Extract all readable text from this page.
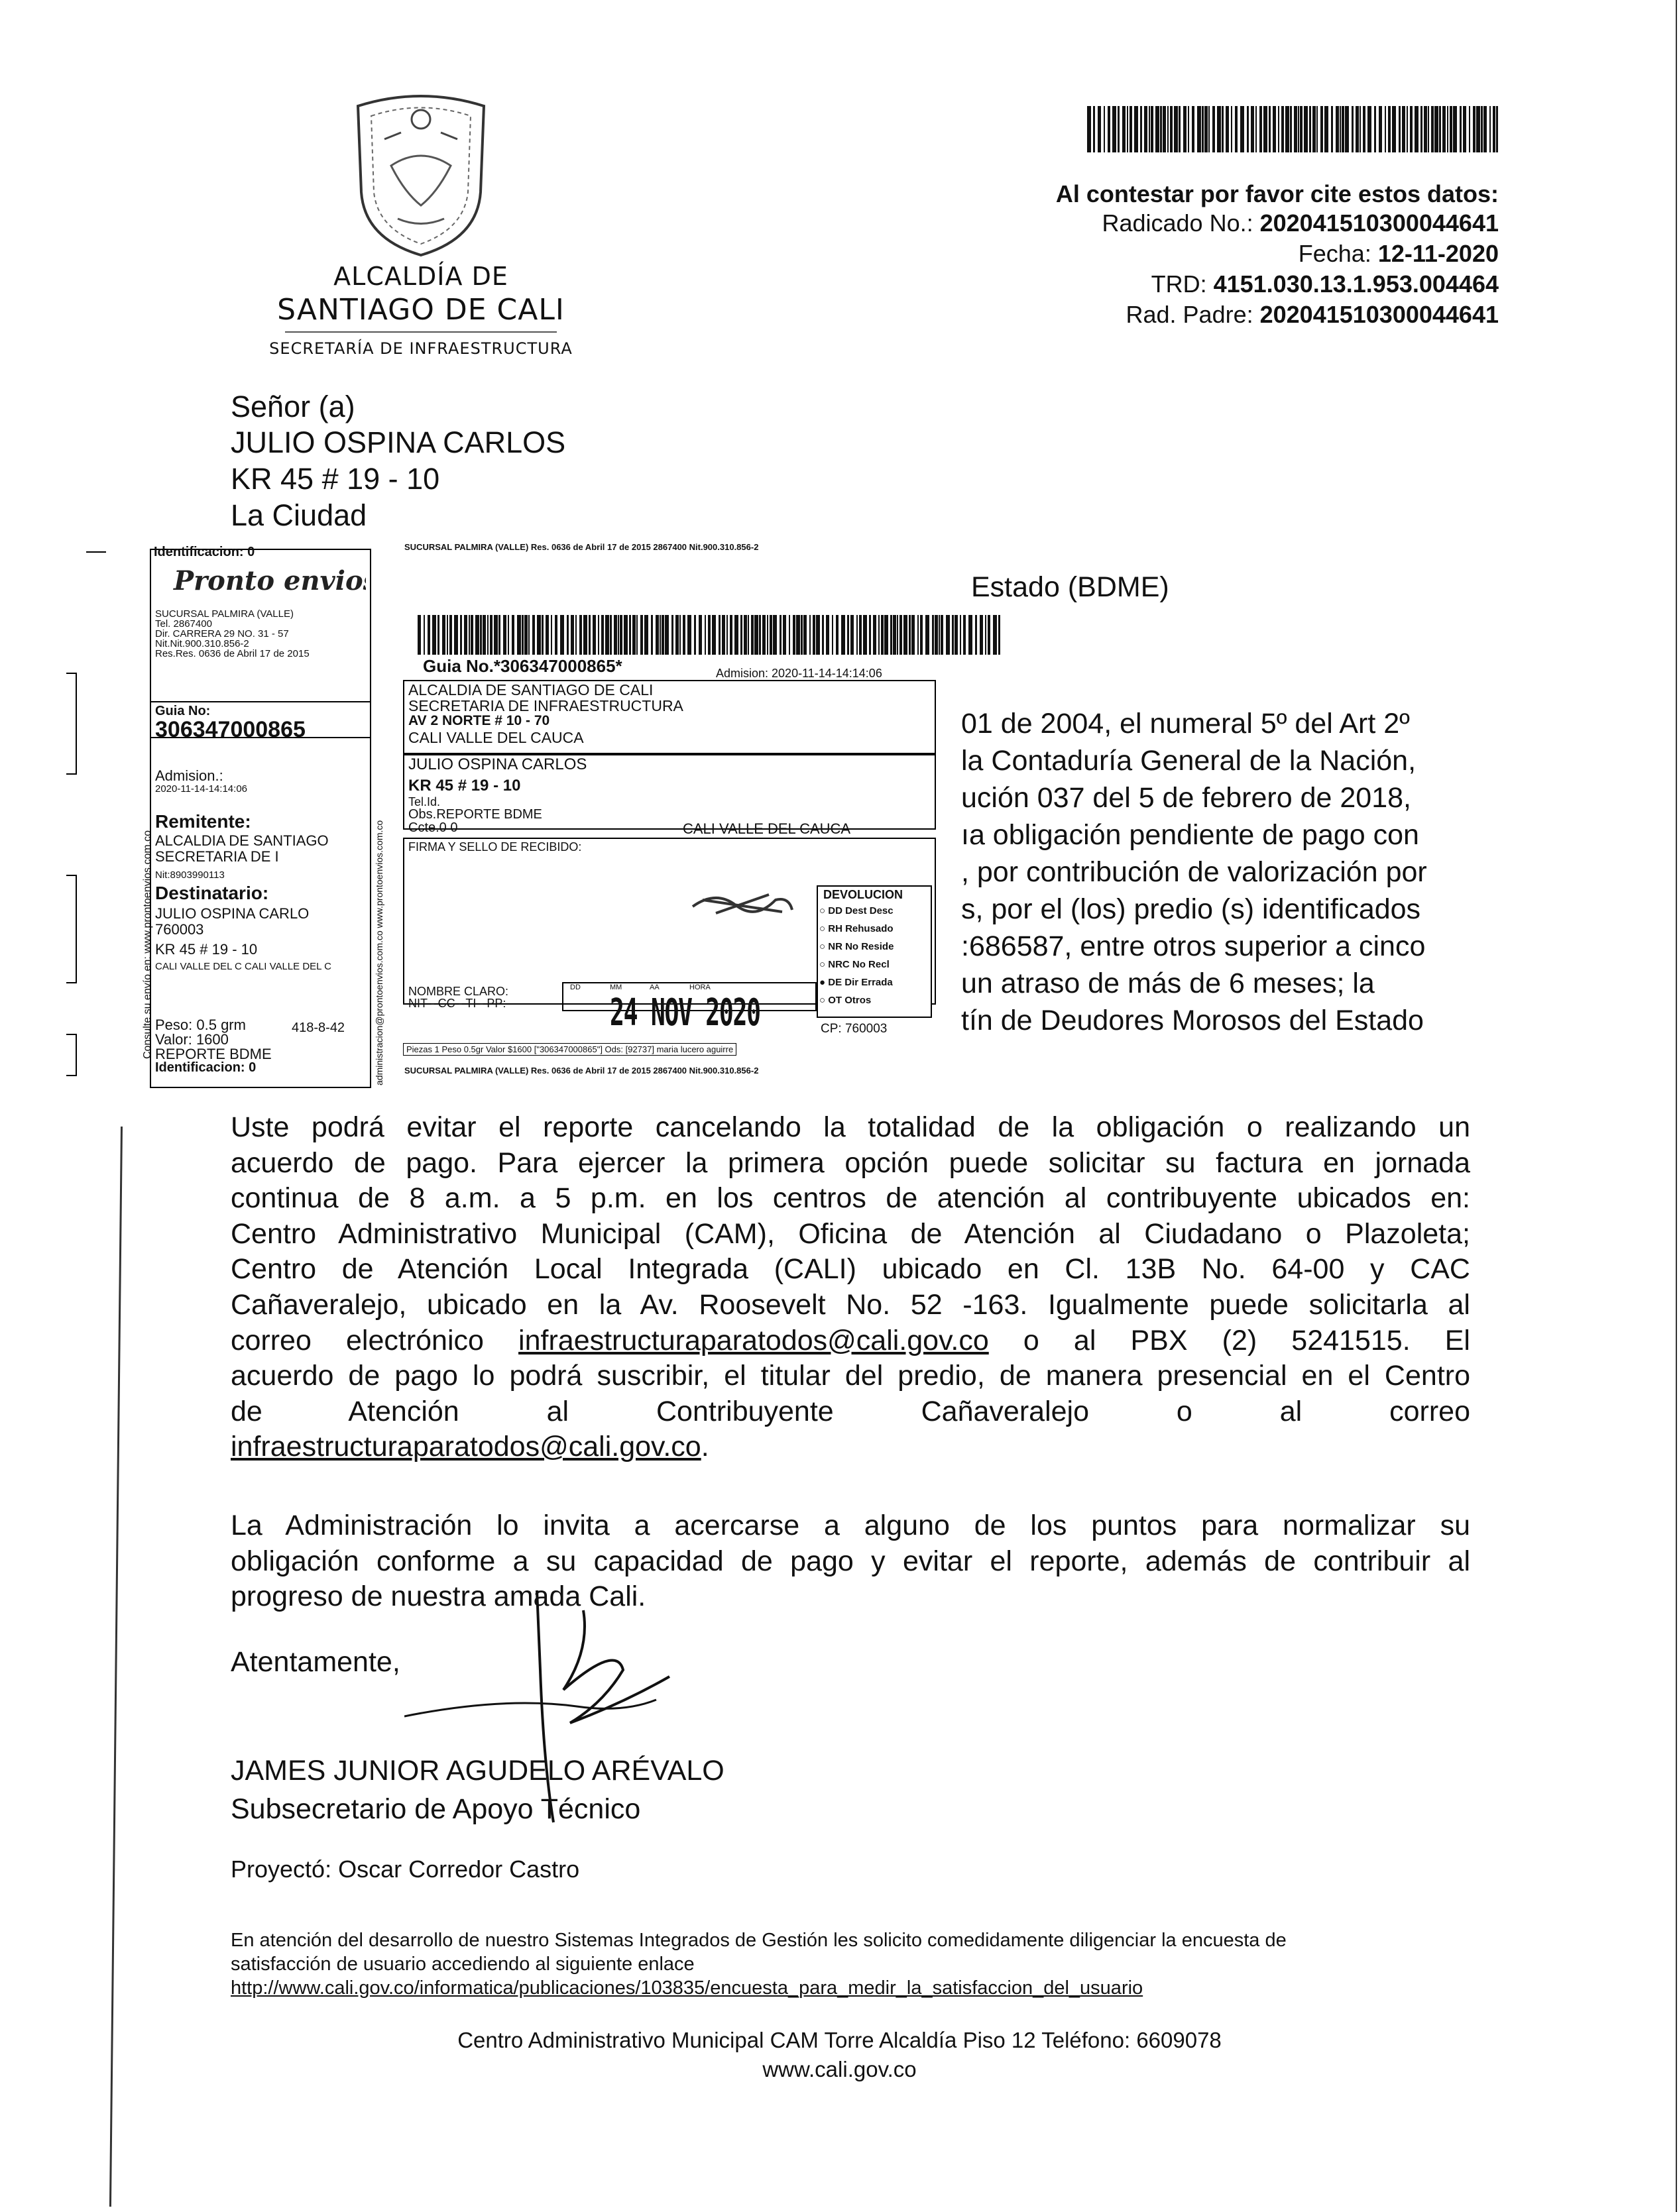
ALCALDÍA DE
SANTIAGO DE CALI
SECRETARÍA DE INFRAESTRUCTURA
Al contestar por favor cite estos datos:
Radicado No.: 202041510300044641
Fecha: 12-11-2020
TRD: 4151.030.13.1.953.004464
Rad. Padre: 202041510300044641
Señor (a)
JULIO OSPINA CARLOS
KR 45 # 19 - 10
La Ciudad
Estado (BDME)
01 de 2004, el numeral 5º del Art 2º
la Contaduría General de la Nación,
ución 037 del 5 de febrero de 2018,
ıa obligación pendiente de pago con
, por contribución de valorización por
s, por el (los) predio (s) identificados
:686587, entre otros superior a cinco
un atraso de más de 6 meses; la
tín de Deudores Morosos del Estado
Identificacion: 0
Pronto envios
SUCURSAL PALMIRA (VALLE)
Tel. 2867400
Dir. CARRERA 29 NO. 31 - 57
Nit.Nit.900.310.856-2
Res.Res. 0636 de Abril 17 de 2015
Guia No:
306347000865
Admision.:
2020-11-14-14:14:06
Remitente:
ALCALDIA DE SANTIAGO
SECRETARIA DE I
Nit:8903990113
Destinatario:
JULIO OSPINA CARLO
760003
KR 45 # 19 - 10
CALI VALLE DEL C CALI VALLE DEL C
Peso: 0.5 grm	418-8-42
Valor: 1600
REPORTE BDME
Identificacion: 0
Consulte su envío en: www.prontoenvios.com.co
SUCURSAL PALMIRA (VALLE) Res. 0636 de Abril 17 de 2015 2867400 Nit.900.310.856-2
Guia No.*306347000865*	Admision: 2020-11-14-14:14:06
ALCALDIA DE SANTIAGO DE CALI
SECRETARIA DE INFRAESTRUCTURA
AV 2 NORTE # 10 - 70
CALI VALLE DEL CAUCA
JULIO OSPINA CARLOS
KR 45 # 19 - 10
Tel.Id.
Obs.REPORTE BDME
Ccte.0 0	CALI VALLE DEL CAUCA
FIRMA Y SELLO DE RECIBIDO:
DEVOLUCION
NOMBRE CLARO:
NIT - CC - TI - PP:	24 NOV 2020	CP: 760003
Piezas 1 Peso 0.5gr Valor $1600 ["306347000865"] Ods: [92737] maria lucero aguirre
SUCURSAL PALMIRA (VALLE) Res. 0636 de Abril 17 de 2015 2867400 Nit.900.310.856-2
administracion@prontoenvios.com.co www.prontoenvios.com.co	○ DD Dest Desc
○ RH Rehusado
○ NR No Reside
○ NRC No Recl
● DE Dir Errada
○ OT Otros
DD	MM	AA	HORA
Uste podrá evitar el reporte cancelando la totalidad de la obligación o realizando un
acuerdo de pago. Para ejercer la primera opción puede solicitar su factura en jornada
continua de 8 a.m. a 5 p.m. en los centros de atención al contribuyente ubicados en:
Centro Administrativo Municipal (CAM), Oficina de Atención al Ciudadano o Plazoleta;
Centro de Atención Local Integrada (CALI) ubicado en Cl. 13B No. 64-00 y CAC
Cañaveralejo, ubicado en la Av. Roosevelt No. 52 -163. Igualmente puede solicitarla al
correo electrónico infraestructuraparatodos@cali.gov.co o al PBX (2) 5241515. El
acuerdo de pago lo podrá suscribir, el titular del predio, de manera presencial en el Centro
de Atención al Contribuyente Cañaveralejo o al correo
infraestructuraparatodos@cali.gov.co.
La Administración lo invita a acercarse a alguno de los puntos para normalizar su
obligación conforme a su capacidad de pago y evitar el reporte, además de contribuir al
progreso de nuestra amada Cali.
Atentamente,
JAMES JUNIOR AGUDELO ARÉVALO
Subsecretario de Apoyo Técnico
Proyectó: Oscar Corredor Castro
En atención del desarrollo de nuestro Sistemas Integrados de Gestión les solicito comedidamente diligenciar la encuesta de
satisfacción de usuario accediendo al siguiente enlace
http://www.cali.gov.co/informatica/publicaciones/103835/encuesta_para_medir_la_satisfaccion_del_usuario
Centro Administrativo Municipal CAM Torre Alcaldía Piso 12 Teléfono: 6609078
www.cali.gov.co
